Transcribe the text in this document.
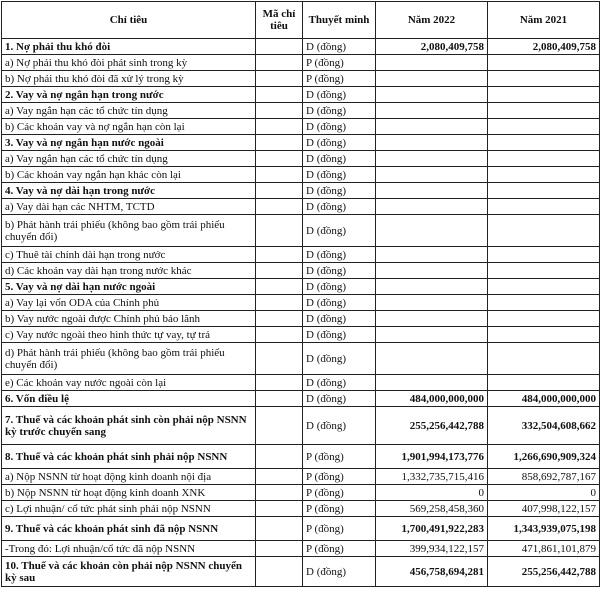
Chỉ tiêu	Mã chỉ tiêu	Thuyết minh	Năm 2022	Năm 2021
1. Nợ phải thu khó đòi		D (đồng)	2,080,409,758	2,080,409,758
a) Nợ phải thu khó đòi phát sinh trong kỳ		P (đồng)		
b) Nợ phải thu khó đòi đã xử lý trong kỳ		P (đồng)		
2. Vay và nợ ngắn hạn trong nước		D (đồng)		
a) Vay ngắn hạn các tổ chức tín dụng		D (đồng)		
b) Các khoản vay và nợ ngắn hạn còn lại		D (đồng)		
3. Vay và nợ ngắn hạn nước ngoài		D (đồng)		
a) Vay ngắn hạn các tổ chức tín dụng		D (đồng)		
b) Các khoản vay ngắn hạn khác còn lại		D (đồng)		
4. Vay và nợ dài hạn trong nước		D (đồng)		
a) Vay dài hạn các NHTM, TCTD		D (đồng)		
b) Phát hành trái phiếu (không bao gồm trái phiếu chuyển đổi)		D (đồng)		
c) Thuê tài chính dài hạn trong nước		D (đồng)		
d) Các khoản vay dài hạn trong nước khác		D (đồng)		
5. Vay và nợ dài hạn nước ngoài		D (đồng)		
a) Vay lại vốn ODA của Chính phủ		D (đồng)		
b) Vay nước ngoài được Chính phủ bảo lãnh		D (đồng)		
c) Vay nước ngoài theo hình thức tự vay, tự trả		D (đồng)		
d) Phát hành trái phiếu (không bao gồm trái phiếu chuyển đổi)		D (đồng)		
e) Các khoản vay nước ngoài còn lại		D (đồng)		
6. Vốn điều lệ		D (đồng)	484,000,000,000	484,000,000,000
7. Thuế và các khoản phát sinh còn phải nộp NSNN kỳ trước chuyển sang		D (đồng)	255,256,442,788	332,504,608,662
8. Thuế và các khoản phát sinh phải nộp NSNN		P (đồng)	1,901,994,173,776	1,266,690,909,324
a) Nộp NSNN từ hoạt động kinh doanh nội địa		P (đồng)	1,332,735,715,416	858,692,787,167
b) Nộp NSNN từ hoạt động kinh doanh XNK		P (đồng)	0	0
c) Lợi nhuận/ cổ tức phát sinh phải nộp NSNN		P (đồng)	569,258,458,360	407,998,122,157
9. Thuế và các khoản phát sinh đã nộp NSNN		P (đồng)	1,700,491,922,283	1,343,939,075,198
-Trong đó: Lợi nhuận/cổ tức đã nộp NSNN		P (đồng)	399,934,122,157	471,861,101,879
10. Thuế và các khoản còn phải nộp NSNN chuyển kỳ sau		D (đồng)	456,758,694,281	255,256,442,788
